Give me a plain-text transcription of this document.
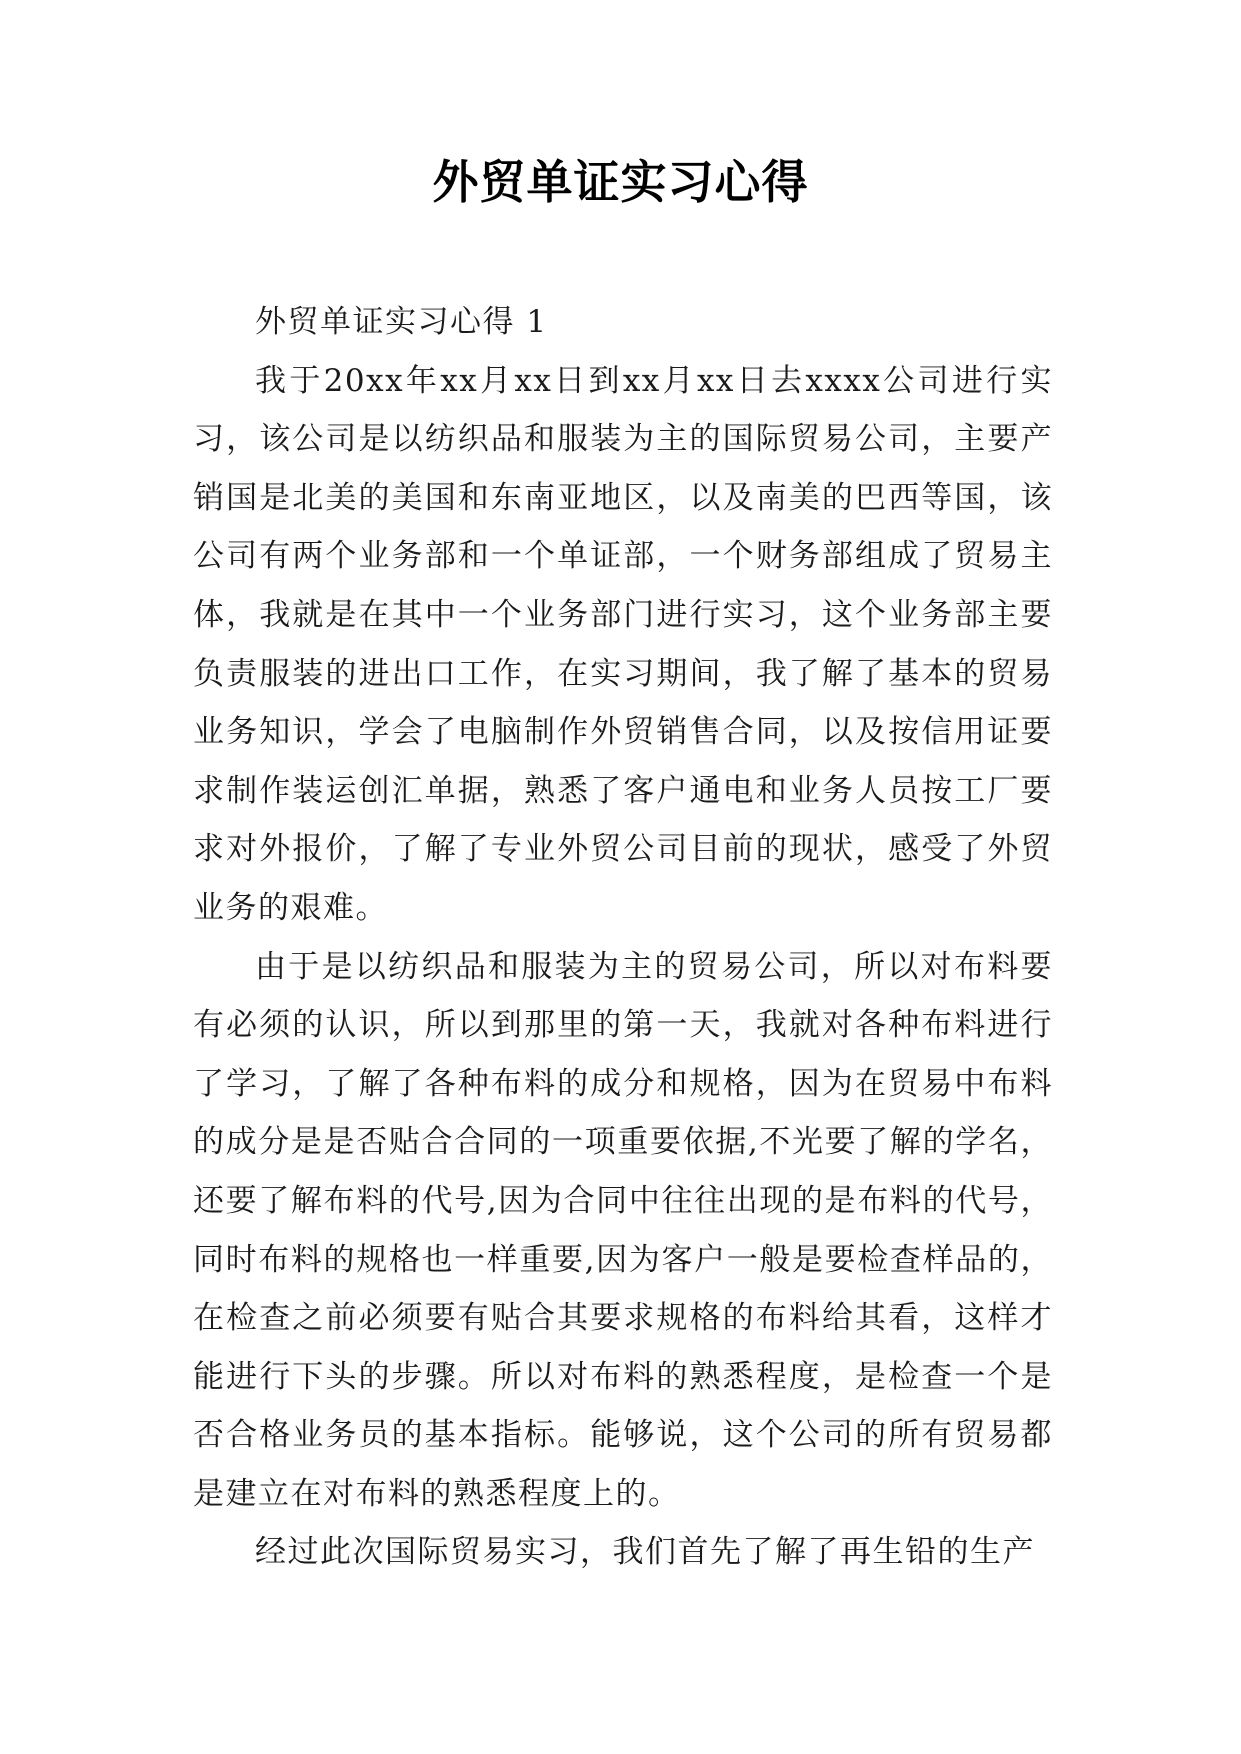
外贸单证实习心得

外贸单证实习心得 1

我于20xx年xx月xx日到xx月xx日去xxxx公司进行实习，该公司是以纺织品和服装为主的国际贸易公司，主要产销国是北美的美国和东南亚地区，以及南美的巴西等国，该公司有两个业务部和一个单证部，一个财务部组成了贸易主体，我就是在其中一个业务部门进行实习，这个业务部主要负责服装的进出口工作，在实习期间，我了解了基本的贸易业务知识，学会了电脑制作外贸销售合同，以及按信用证要求制作装运创汇单据，熟悉了客户通电和业务人员按工厂要求对外报价，了解了专业外贸公司目前的现状，感受了外贸业务的艰难。

由于是以纺织品和服装为主的贸易公司，所以对布料要有必须的认识，所以到那里的第一天，我就对各种布料进行了学习，了解了各种布料的成分和规格，因为在贸易中布料的成分是是否贴合合同的一项重要依据,不光要了解的学名，还要了解布料的代号,因为合同中往往出现的是布料的代号，同时布料的规格也一样重要,因为客户一般是要检查样品的，在检查之前必须要有贴合其要求规格的布料给其看，这样才能进行下头的步骤。所以对布料的熟悉程度，是检查一个是否合格业务员的基本指标。能够说，这个公司的所有贸易都是建立在对布料的熟悉程度上的。

经过此次国际贸易实习，我们首先了解了再生铅的生产
